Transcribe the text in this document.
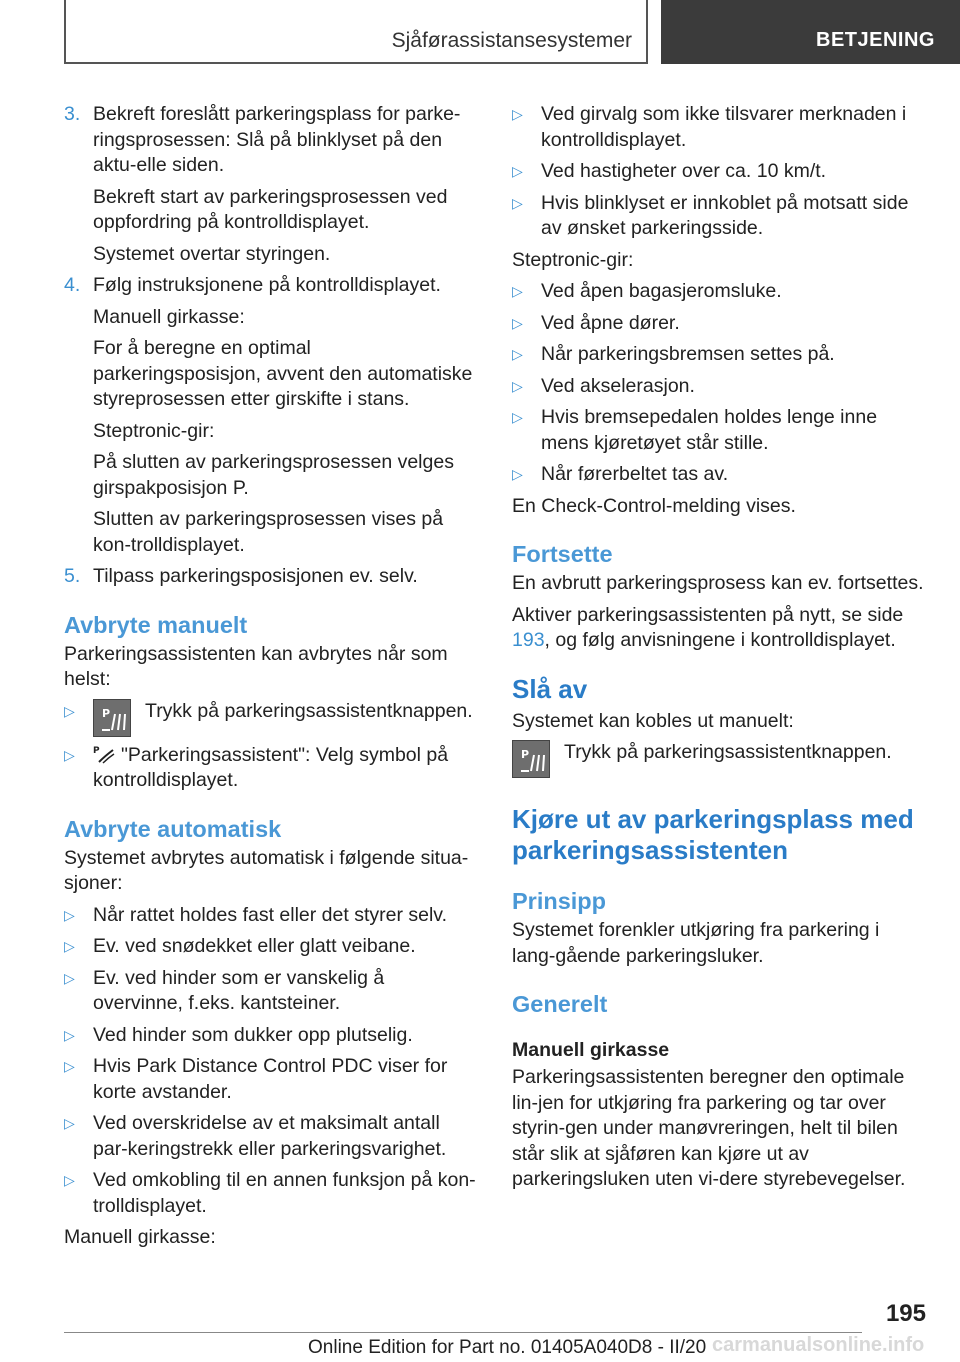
Sjåførassistansesystemer	BETJENING
3. Bekreft foreslått parkeringsplass for parke-ringsprosessen: Slå på blinklyset på den aktu-elle siden.

Bekreft start av parkeringsprosessen ved oppfordring på kontrolldisplayet.

Systemet overtar styringen.

4. Følg instruksjonene på kontrolldisplayet.

Manuell girkasse:

For å beregne en optimal parkeringsposisjon, avvent den automatiske styreprosessen etter girskifte i stans.

Steptronic-gir:

På slutten av parkeringsprosessen velges girspakposisjon P.

Slutten av parkeringsprosessen vises på kon-trolldisplayet.

5. Tilpass parkeringsposisjonen ev. selv.

Avbryte manuelt

Parkeringsassistenten kan avbrytes når som helst:

▷	P Trykk på parkeringsassistentknappen.
▷	P "Parkeringsassistent": Velg symbol på kontrolldisplayet.
Avbryte automatisk

Systemet avbrytes automatisk i følgende situa-sjoner:

▷ Når rattet holdes fast eller det styrer selv.
▷ Ev. ved snødekket eller glatt veibane.
▷ Ev. ved hinder som er vanskelig å overvinne, f.eks. kantsteiner.
▷ Ved hinder som dukker opp plutselig.
▷ Hvis Park Distance Control PDC viser for korte avstander.
▷ Ved overskridelse av et maksimalt antall par-keringstrekk eller parkeringsvarighet.
▷ Ved omkobling til en annen funksjon på kon-trolldisplayet.

Manuell girkasse:

▷ Ved girvalg som ikke tilsvarer merknaden i kontrolldisplayet.
▷ Ved hastigheter over ca. 10 km/t.
▷ Hvis blinklyset er innkoblet på motsatt side av ønsket parkeringsside.

Steptronic-gir:

▷ Ved åpen bagasjeromsluke.
▷ Ved åpne dører.
▷ Når parkeringsbremsen settes på.
▷ Ved akselerasjon.
▷ Hvis bremsepedalen holdes lenge inne mens kjøretøyet står stille.
▷ Når førerbeltet tas av.

En Check-Control-melding vises.

Fortsette

En avbrutt parkeringsprosess kan ev. fortsettes.

Aktiver parkeringsassistenten på nytt, se side 193, og følg anvisningene i kontrolldisplayet.

Slå av

Systemet kan kobles ut manuelt:

P Trykk på parkeringsassistentknappen.
Kjøre ut av parkeringsplass med parkeringsassistenten
Prinsipp

Systemet forenkler utkjøring fra parkering i lang-gående parkeringsluker.

Generelt
Manuell girkasse

Parkeringsassistenten beregner den optimale lin-jen for utkjøring fra parkering og tar over styrin-gen under manøvreringen, helt til bilen står slik at sjåføren kan kjøre ut av parkeringsluken uten vi-dere styrebevegelser.

195
Online Edition for Part no. 01405A040D8 - II/20 carmanualsonline.info
